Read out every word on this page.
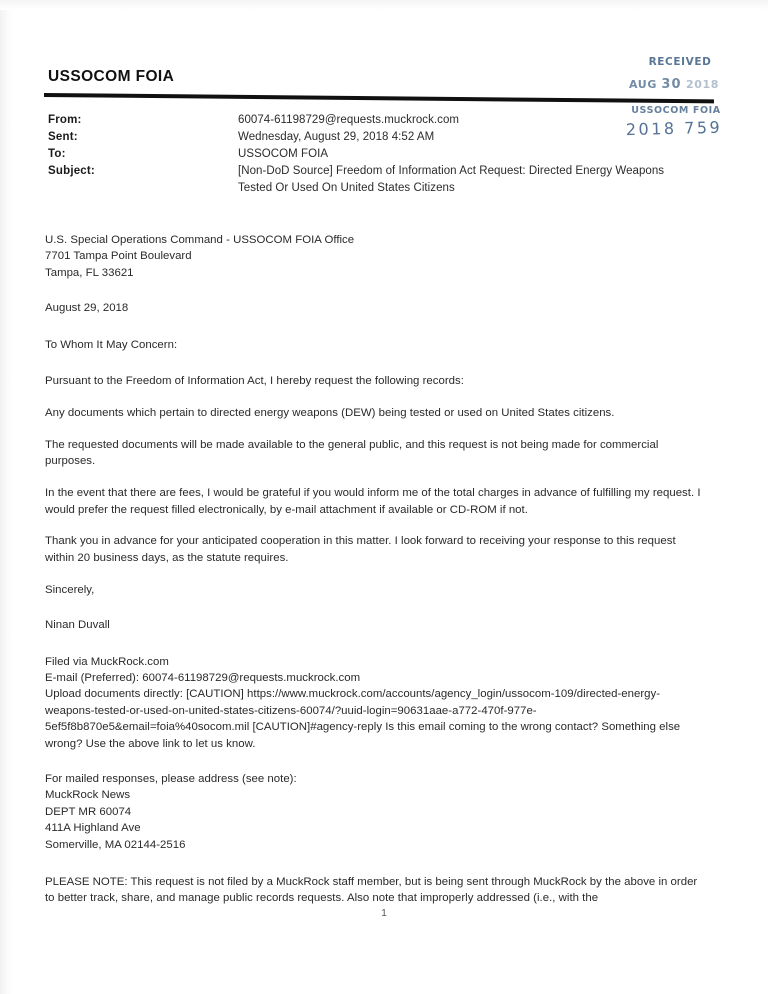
USSOCOM FOIA
RECEIVED
AUG 30 2018
USSOCOM FOIA
2018 759
From:	60074-61198729@requests.muckrock.com
Sent:	Wednesday, August 29, 2018 4:52 AM
To:	USSOCOM FOIA
Subject:	[Non-DoD Source] Freedom of Information Act Request: Directed Energy Weapons
Tested Or Used On United States Citizens
U.S. Special Operations Command - USSOCOM FOIA Office
7701 Tampa Point Boulevard
Tampa, FL 33621
August 29, 2018
To Whom It May Concern:
Pursuant to the Freedom of Information Act, I hereby request the following records:
Any documents which pertain to directed energy weapons (DEW) being tested or used on United States citizens.
The requested documents will be made available to the general public, and this request is not being made for commercial purposes.
In the event that there are fees, I would be grateful if you would inform me of the total charges in advance of fulfilling my request. I would prefer the request filled electronically, by e-mail attachment if available or CD-ROM if not.
Thank you in advance for your anticipated cooperation in this matter. I look forward to receiving your response to this request within 20 business days, as the statute requires.
Sincerely,
Ninan Duvall
Filed via MuckRock.com
E-mail (Preferred): 60074-61198729@requests.muckrock.com
Upload documents directly: [CAUTION] https://www.muckrock.com/accounts/agency_login/ussocom-109/directed-energy-weapons-tested-or-used-on-united-states-citizens-60074/?uuid-login=90631aae-a772-470f-977e-5ef5f8b870e5&email=foia%40socom.mil [CAUTION]#agency-reply Is this email coming to the wrong contact? Something else wrong? Use the above link to let us know.
For mailed responses, please address (see note):
MuckRock News
DEPT MR 60074
411A Highland Ave
Somerville, MA 02144-2516
PLEASE NOTE: This request is not filed by a MuckRock staff member, but is being sent through MuckRock by the above in order to better track, share, and manage public records requests. Also note that improperly addressed (i.e., with the
1
